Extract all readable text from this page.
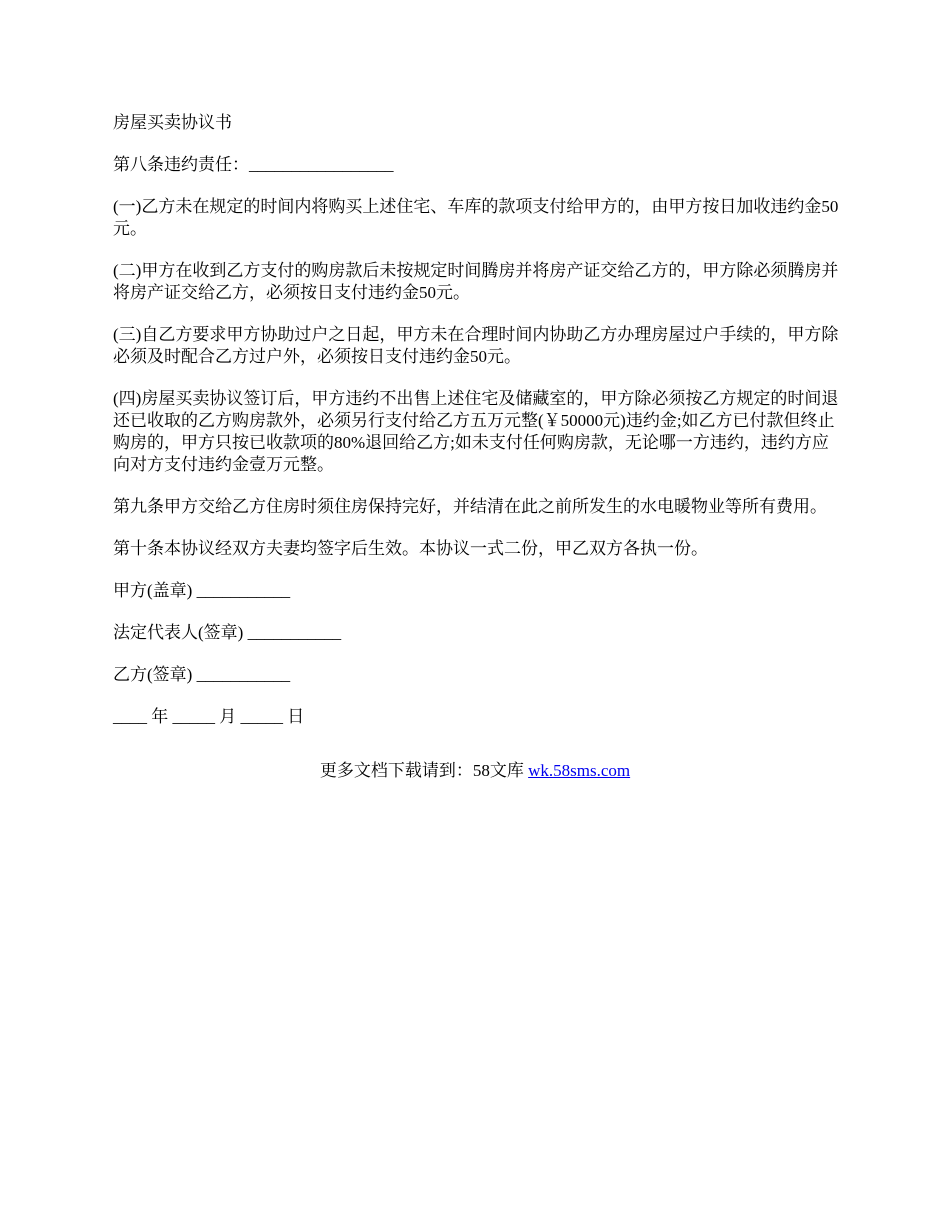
房屋买卖协议书

第八条违约责任：_________________

(一)乙方未在规定的时间内将购买上述住宅、车库的款项支付给甲方的，由甲方按日加收违约金50元。

(二)甲方在收到乙方支付的购房款后未按规定时间腾房并将房产证交给乙方的，甲方除必须腾房并将房产证交给乙方，必须按日支付违约金50元。

(三)自乙方要求甲方协助过户之日起，甲方未在合理时间内协助乙方办理房屋过户手续的，甲方除必须及时配合乙方过户外，必须按日支付违约金50元。

(四)房屋买卖协议签订后，甲方违约不出售上述住宅及储藏室的，甲方除必须按乙方规定的时间退还已收取的乙方购房款外，必须另行支付给乙方五万元整(￥50000元)违约金;如乙方已付款但终止购房的，甲方只按已收款项的80%退回给乙方;如未支付任何购房款，无论哪一方违约，违约方应向对方支付违约金壹万元整。

第九条甲方交给乙方住房时须住房保持完好，并结清在此之前所发生的水电暖物业等所有费用。

第十条本协议经双方夫妻均签字后生效。本协议一式二份，甲乙双方各执一份。

甲方(盖章) ___________

法定代表人(签章) ___________

乙方(签章) ___________

____ 年 _____ 月 _____ 日

更多文档下载请到：58文库 wk.58sms.com
